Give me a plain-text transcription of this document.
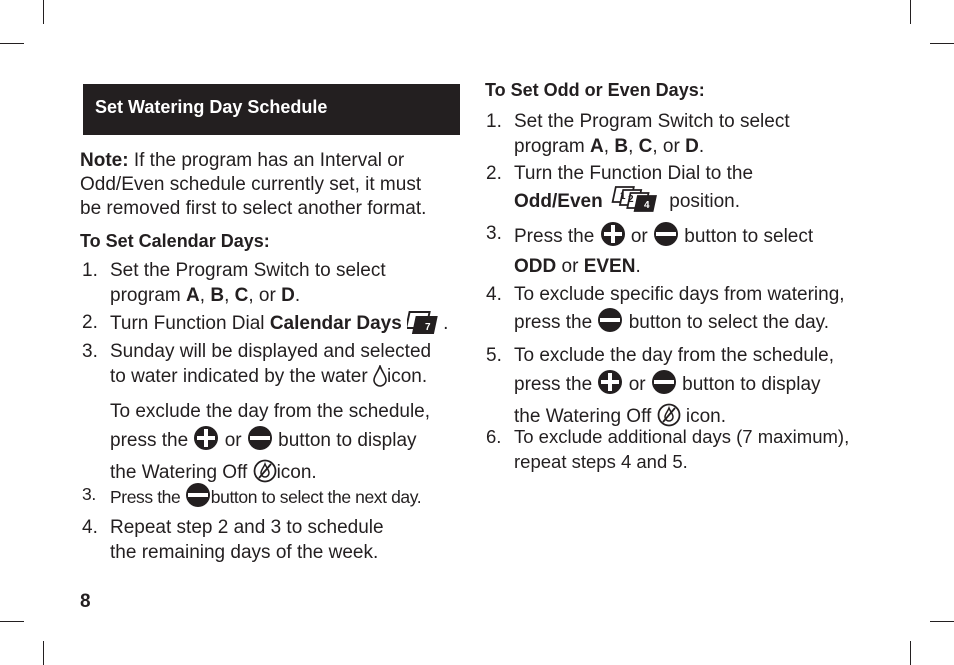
Set Watering Day Schedule
Note: If the program has an Interval or
Odd/Even schedule currently set, it must
be removed first to select another format.
To Set Calendar Days:
1. Set the Program Switch to select
program A, B, C, or D.
2. Turn Function Dial Calendar Days 1 7 .
3. Sunday will be displayed and selected
to water indicated by the water icon.
To exclude the day from the schedule,
press the  or  button to display
the Watering Off icon.
3. Press the button to select the next day.
4. Repeat step 2 and 3 to schedule
the remaining days of the week.
To Set Odd or Even Days:
1. Set the Program Switch to select
program A, B, C, or D.
2. Turn the Function Dial to the
Odd/Even 1 2 3 4 position.
3. Press the  or  button to select
ODD or EVEN.
4. To exclude specific days from watering,
press the  button to select the day.
5. To exclude the day from the schedule,
press the  or  button to display
the Watering Off  icon.
6. To exclude additional days (7 maximum),
repeat steps 4 and 5.
8
